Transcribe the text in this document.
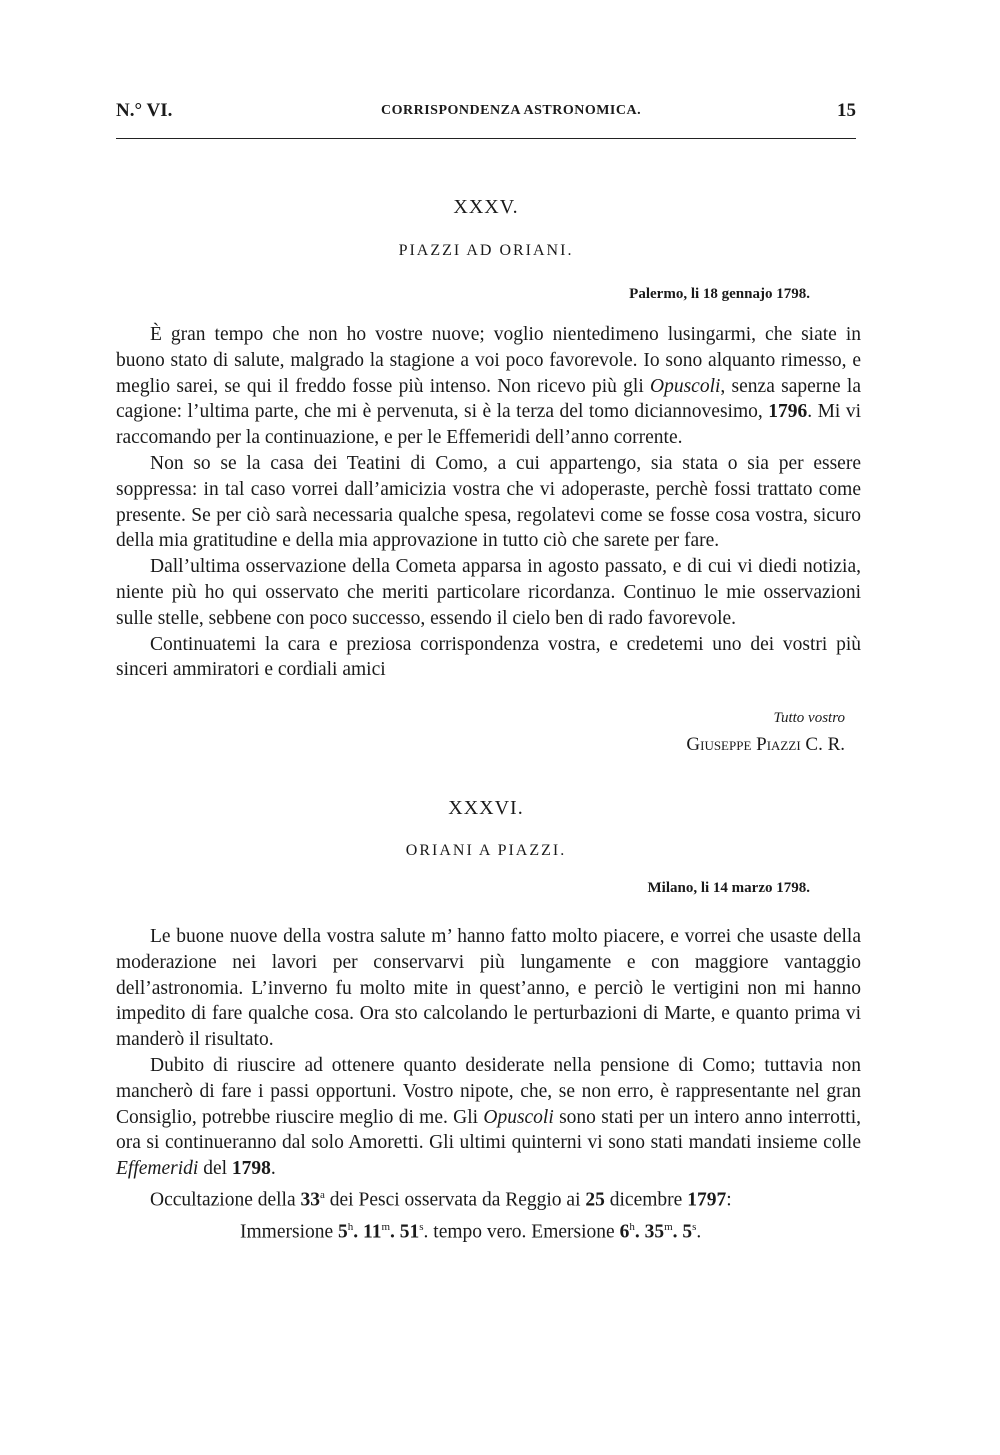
N.° VI.	CORRISPONDENZA ASTRONOMICA.	15
XXXV.
PIAZZI AD ORIANI.
Palermo, li 18 gennajo 1798.

È gran tempo che non ho vostre nuove; voglio nientedimeno lusingarmi, che siate in buono stato di salute, malgrado la stagione a voi poco favorevole. Io sono alquanto rimesso, e meglio sarei, se qui il freddo fosse più intenso. Non ricevo più gli Opuscoli, senza saperne la cagione: l’ultima parte, che mi è pervenuta, si è la terza del tomo diciannovesimo, 1796. Mi vi raccomando per la continuazione, e per le Effemeridi dell’anno corrente.

Non so se la casa dei Teatini di Como, a cui appartengo, sia stata o sia per essere soppressa: in tal caso vorrei dall’amicizia vostra che vi adoperaste, perchè fossi trattato come presente. Se per ciò sarà necessaria qualche spesa, regolatevi come se fosse cosa vostra, sicuro della mia gratitudine e della mia approvazione in tutto ciò che sarete per fare.

Dall’ultima osservazione della Cometa apparsa in agosto passato, e di cui vi diedi notizia, niente più ho qui osservato che meriti particolare ricordanza. Continuo le mie osservazioni sulle stelle, sebbene con poco successo, essendo il cielo ben di rado favorevole.

Continuatemi la cara e preziosa corrispondenza vostra, e credetemi uno dei vostri più sinceri ammiratori e cordiali amici

Tutto vostro
Giuseppe Piazzi C. R.
XXXVI.
ORIANI A PIAZZI.
Milano, li 14 marzo 1798.

Le buone nuove della vostra salute m’ hanno fatto molto piacere, e vorrei che usaste della moderazione nei lavori per conservarvi più lungamente e con maggiore vantaggio dell’astronomia. L’inverno fu molto mite in quest’anno, e perciò le vertigini non mi hanno impedito di fare qualche cosa. Ora sto calcolando le perturbazioni di Marte, e quanto prima vi manderò il risultato.

Dubito di riuscire ad ottenere quanto desiderate nella pensione di Como; tuttavia non mancherò di fare i passi opportuni. Vostro nipote, che, se non erro, è rappresentante nel gran Consiglio, potrebbe riuscire meglio di me. Gli Opuscoli sono stati per un intero anno interrotti, ora si continueranno dal solo Amoretti. Gli ultimi quinterni vi sono stati mandati insieme colle Effemeridi del 1798.

Occultazione della 33$^a$ dei Pesci osservata da Reggio ai 25 dicembre 1797:
Immersione 5$^h$. 11$^m$. 51$^s$. tempo vero. Emersione 6$^h$. 35$^m$. 5$^s$.
